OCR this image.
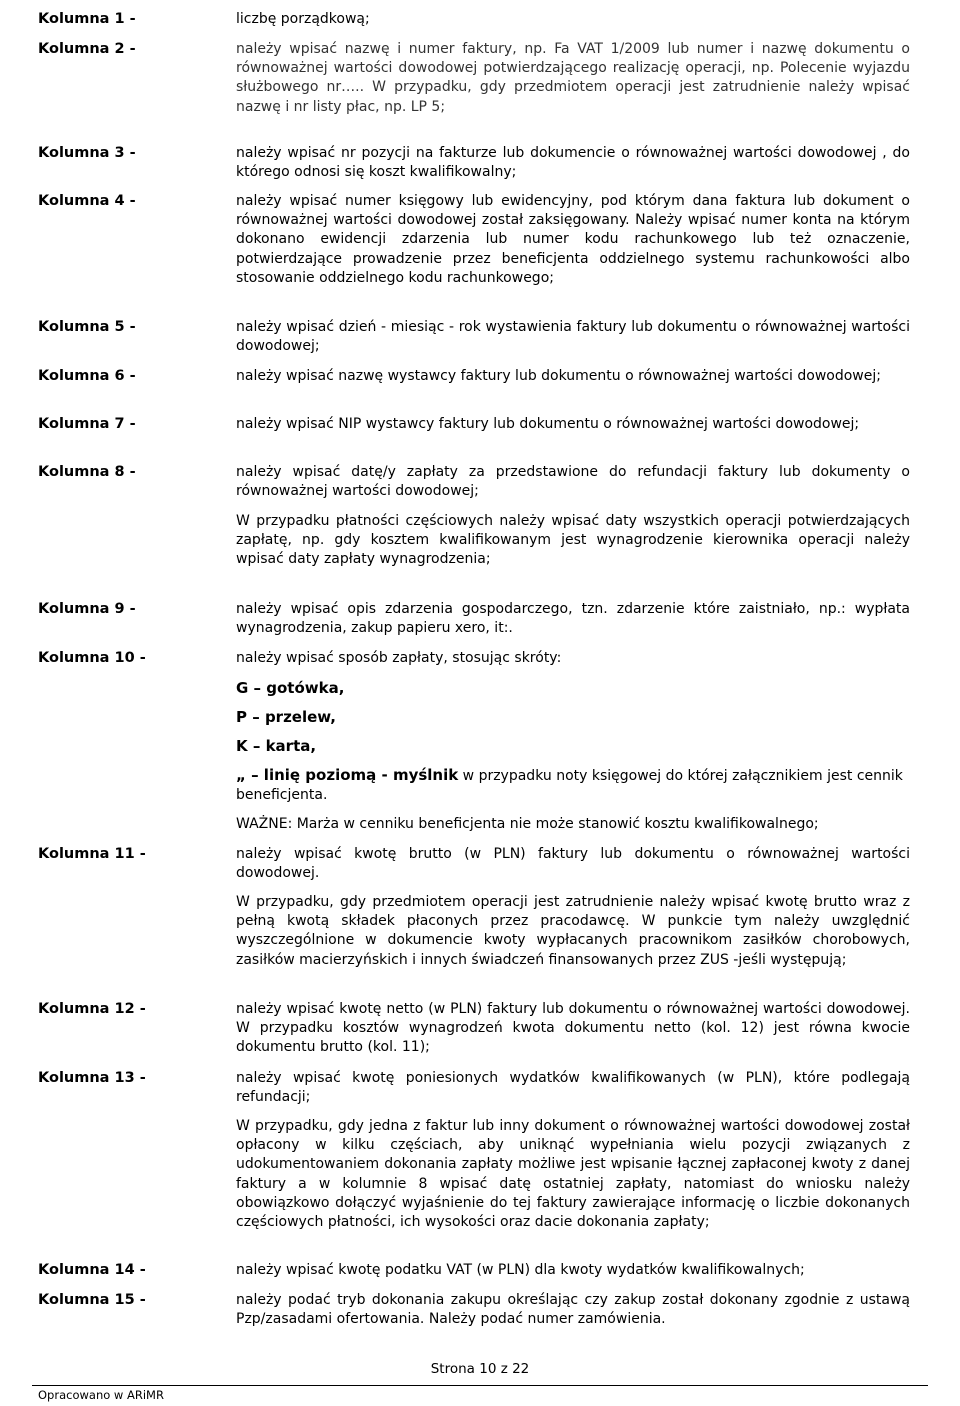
Kolumna 1 -	liczbę porządkową;
Kolumna 2 -	należy wpisać nazwę i numer faktury, np. Fa VAT 1/2009 lub numer i nazwę dokumentu o równoważnej wartości dowodowej potwierdzającego realizację operacji, np. Polecenie wyjazdu służbowego nr….. W przypadku, gdy przedmiotem operacji jest zatrudnienie należy wpisać nazwę i nr listy płac, np. LP 5;
Kolumna 3 -	należy wpisać nr pozycji na fakturze lub dokumencie o równoważnej wartości dowodowej , do którego odnosi się koszt kwalifikowalny;
Kolumna 4 -	należy wpisać numer księgowy lub ewidencyjny, pod którym dana faktura lub dokument o równoważnej wartości dowodowej został zaksięgowany. Należy wpisać numer konta na którym dokonano ewidencji zdarzenia lub numer kodu rachunkowego lub też oznaczenie, potwierdzające prowadzenie przez beneficjenta oddzielnego systemu rachunkowości albo stosowanie oddzielnego kodu rachunkowego;
Kolumna 5 -	należy wpisać dzień - miesiąc - rok wystawienia faktury lub dokumentu o równoważnej wartości dowodowej;
Kolumna 6 -	należy wpisać nazwę wystawcy faktury lub dokumentu o równoważnej wartości dowodowej;
Kolumna 7 -	należy wpisać NIP wystawcy faktury lub dokumentu o równoważnej wartości dowodowej;
Kolumna 8 -	należy wpisać datę/y zapłaty za przedstawione do refundacji faktury lub dokumenty o równoważnej wartości dowodowej;
W przypadku płatności częściowych należy wpisać daty wszystkich operacji potwierdzających zapłatę, np. gdy kosztem kwalifikowanym jest wynagrodzenie kierownika operacji należy wpisać daty zapłaty wynagrodzenia;
Kolumna 9 -	należy wpisać opis zdarzenia gospodarczego, tzn. zdarzenie które zaistniało, np.: wypłata wynagrodzenia, zakup papieru xero, it:.
Kolumna 10 -	należy wpisać sposób zapłaty, stosując skróty:
G – gotówka,
P – przelew,
K – karta,
„ – linię poziomą - myślnik w przypadku noty księgowej do której załącznikiem jest cennik beneficjenta.
WAŻNE: Marża w cenniku beneficjenta nie może stanowić kosztu kwalifikowalnego;
Kolumna 11 -	należy wpisać kwotę brutto (w PLN) faktury lub dokumentu o równoważnej wartości dowodowej.
W przypadku, gdy przedmiotem operacji jest zatrudnienie należy wpisać kwotę brutto wraz z pełną kwotą składek płaconych przez pracodawcę. W punkcie tym należy uwzględnić wyszczególnione w dokumencie kwoty wypłacanych pracownikom zasiłków chorobowych, zasiłków macierzyńskich i innych świadczeń finansowanych przez ZUS -jeśli występują;
Kolumna 12 -	należy wpisać kwotę netto (w PLN) faktury lub dokumentu o równoważnej wartości dowodowej. W przypadku kosztów wynagrodzeń kwota dokumentu netto (kol. 12) jest równa kwocie dokumentu brutto (kol. 11);
Kolumna 13 -	należy wpisać kwotę poniesionych wydatków kwalifikowanych (w PLN), które podlegają refundacji;
W przypadku, gdy jedna z faktur lub inny dokument o równoważnej wartości dowodowej został opłacony w kilku częściach, aby uniknąć wypełniania wielu pozycji związanych z udokumentowaniem dokonania zapłaty możliwe jest wpisanie łącznej zapłaconej kwoty z danej faktury a w kolumnie 8 wpisać datę ostatniej zapłaty, natomiast do wniosku należy obowiązkowo dołączyć wyjaśnienie do tej faktury zawierające informację o liczbie dokonanych częściowych płatności, ich wysokości oraz dacie dokonania zapłaty;
Kolumna 14 -	należy wpisać kwotę podatku VAT (w PLN) dla kwoty wydatków kwalifikowalnych;
Kolumna 15 -	należy podać tryb dokonania zakupu określając czy zakup został dokonany zgodnie z ustawą Pzp/zasadami ofertowania. Należy podać numer zamówienia.
Strona 10 z 22
Opracowano w ARiMR
